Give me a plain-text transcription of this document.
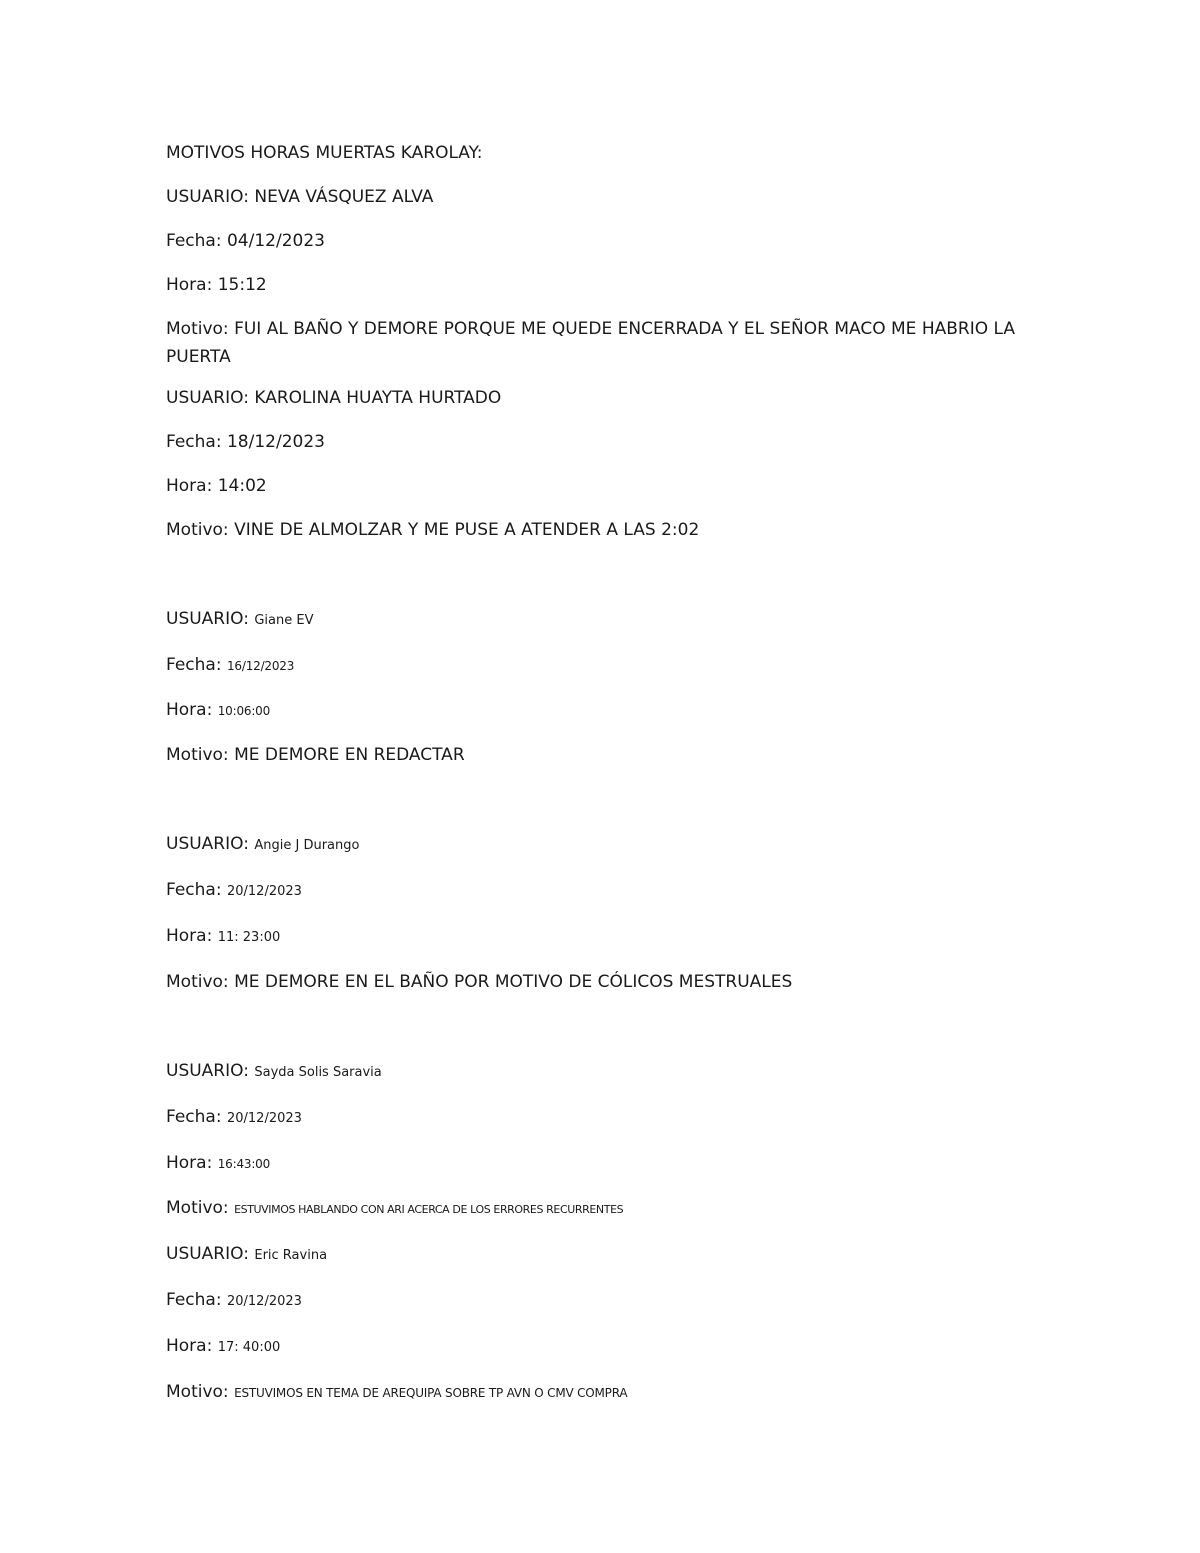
MOTIVOS HORAS MUERTAS KAROLAY:
USUARIO: NEVA VÁSQUEZ ALVA
Fecha: 04/12/2023
Hora: 15:12
Motivo: FUI AL BAÑO Y DEMORE PORQUE ME QUEDE ENCERRADA Y EL SEÑOR MACO ME HABRIO LA PUERTA
USUARIO: KAROLINA HUAYTA HURTADO
Fecha: 18/12/2023
Hora: 14:02
Motivo: VINE DE ALMOLZAR Y ME PUSE A ATENDER A LAS 2:02
USUARIO: Giane EV
Fecha: 16/12/2023
Hora: 10:06:00
Motivo: ME DEMORE EN REDACTAR
USUARIO: Angie J Durango
Fecha: 20/12/2023
Hora: 11: 23:00
Motivo: ME DEMORE EN EL BAÑO POR MOTIVO DE CÓLICOS MESTRUALES
USUARIO: Sayda Solis Saravia
Fecha: 20/12/2023
Hora: 16:43:00
Motivo: ESTUVIMOS HABLANDO CON ARI ACERCA DE LOS ERRORES RECURRENTES
USUARIO: Eric Ravina
Fecha: 20/12/2023
Hora: 17: 40:00
Motivo: ESTUVIMOS EN TEMA DE AREQUIPA SOBRE TP AVN O CMV COMPRA
